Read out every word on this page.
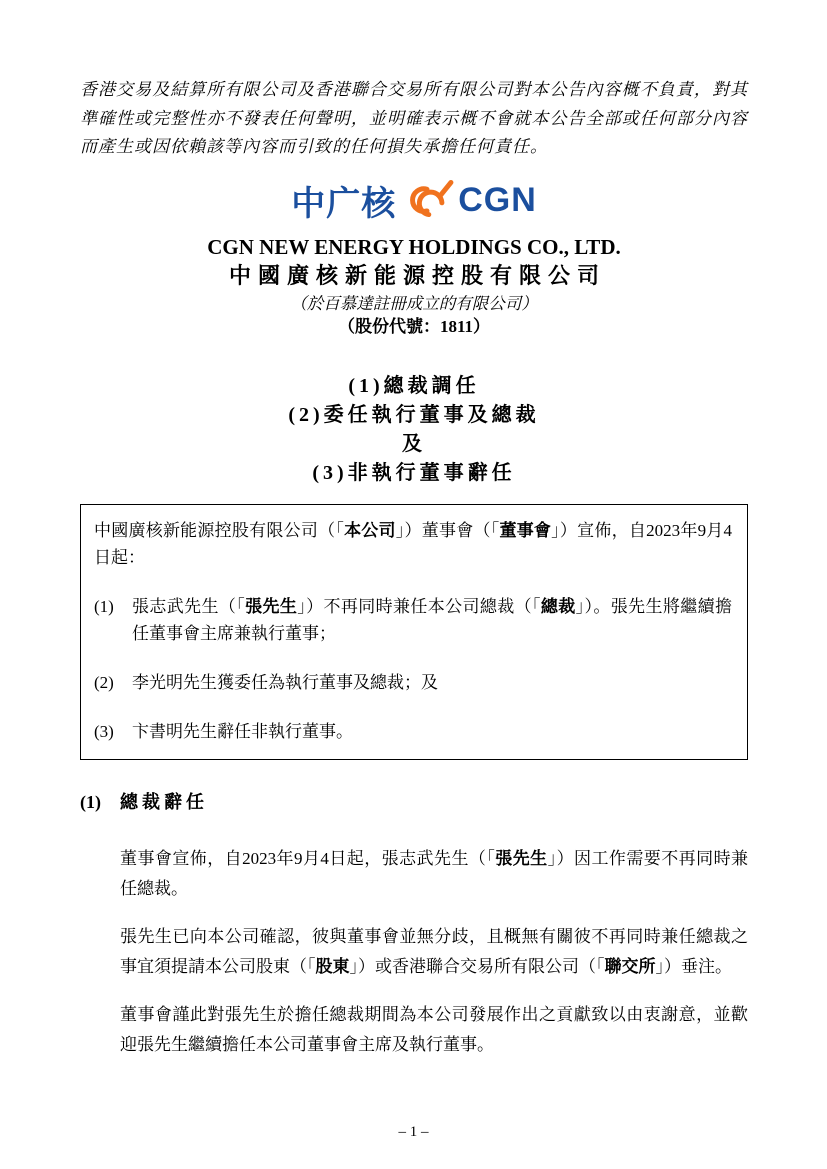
香港交易及結算所有限公司及香港聯合交易所有限公司對本公告內容概不負責，對其準確性或完整性亦不發表任何聲明，並明確表示概不會就本公告全部或任何部分內容而產生或因依賴該等內容而引致的任何損失承擔任何責任。

中广核 CGN
CGN NEW ENERGY HOLDINGS CO., LTD.
中國廣核新能源控股有限公司

（於百慕達註冊成立的有限公司）

（股份代號：1811）

(1)總裁調任
(2)委任執行董事及總裁
及
(3)非執行董事辭任

中國廣核新能源控股有限公司（「本公司」）董事會（「董事會」）宣佈，自2023年9月4日起：

(1)	張志武先生（「張先生」）不再同時兼任本公司總裁（「總裁」）。張先生將繼續擔任董事會主席兼執行董事；

(2)	李光明先生獲委任為執行董事及總裁；及

(3)	卞書明先生辭任非執行董事。

(1)	總裁辭任

董事會宣佈，自2023年9月4日起，張志武先生（「張先生」）因工作需要不再同時兼任總裁。

張先生已向本公司確認，彼與董事會並無分歧，且概無有關彼不再同時兼任總裁之事宜須提請本公司股東（「股東」）或香港聯合交易所有限公司（「聯交所」）垂注。

董事會謹此對張先生於擔任總裁期間為本公司發展作出之貢獻致以由衷謝意，並歡迎張先生繼續擔任本公司董事會主席及執行董事。

– 1 –
